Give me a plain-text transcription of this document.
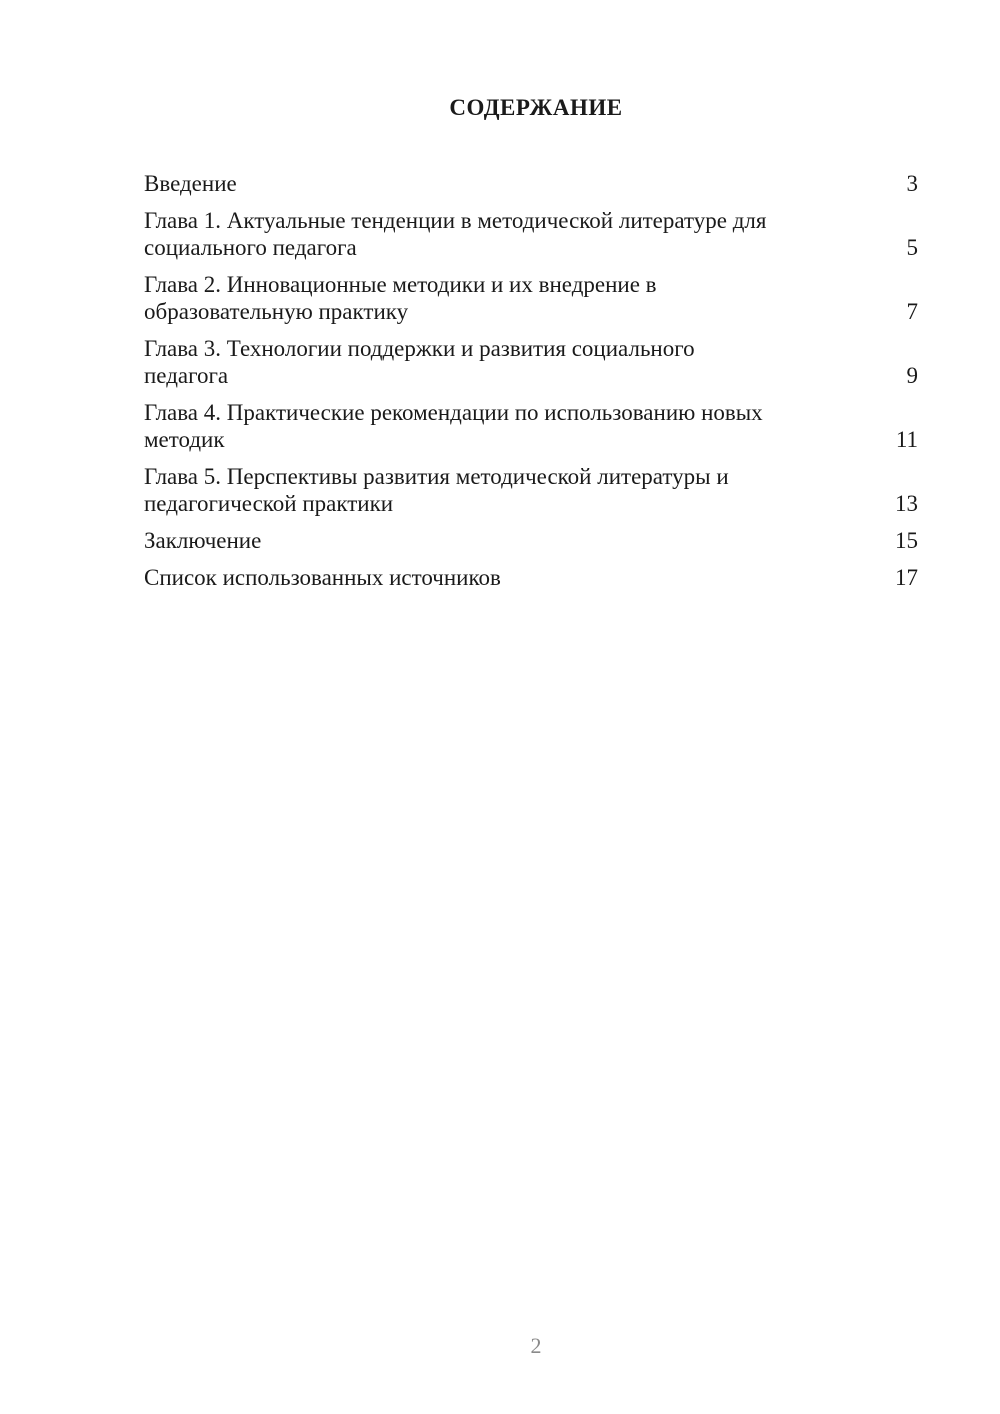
СОДЕРЖАНИЕ
Введение	3
Глава 1. Актуальные тенденции в методической литературе для
социального педагога	5
Глава 2. Инновационные методики и их внедрение в
образовательную практику	7
Глава 3. Технологии поддержки и развития социального
педагога	9
Глава 4. Практические рекомендации по использованию новых
методик	11
Глава 5. Перспективы развития методической литературы и
педагогической практики	13
Заключение	15
Список использованных источников	17
2
